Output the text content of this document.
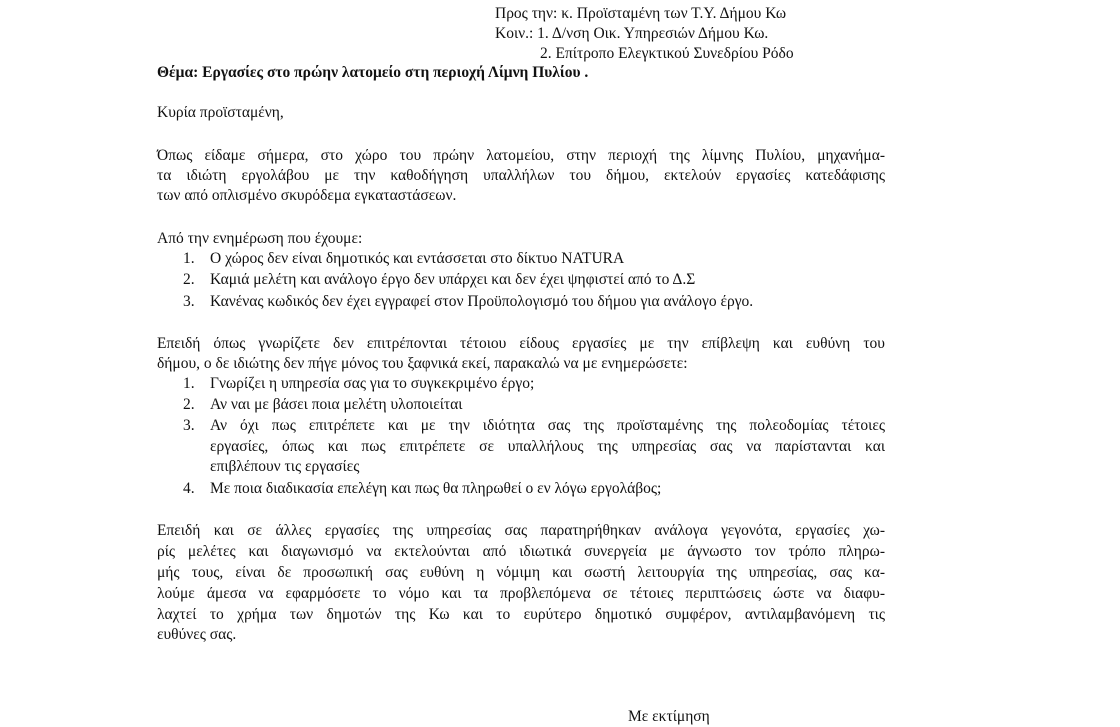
Προς την: κ. Προϊσταμένη των Τ.Υ. Δήμου Κω
Κοιν.: 1. Δ/νση Οικ. Υπηρεσιών Δήμου Κω.
2. Επίτροπο Ελεγκτικού Συνεδρίου Ρόδο
Θέμα: Εργασίες στο πρώην λατομείο στη περιοχή Λίμνη Πυλίου .
Κυρία προϊσταμένη,
Όπως είδαμε σήμερα, στο χώρο του πρώην λατομείου, στην περιοχή της λίμνης Πυλίου, μηχανήμα-
τα ιδιώτη εργολάβου με την καθοδήγηση υπαλλήλων του δήμου, εκτελούν εργασίες κατεδάφισης
των από οπλισμένο σκυρόδεμα εγκαταστάσεων.
Από την ενημέρωση που έχουμε:
1. Ο χώρος δεν είναι δημοτικός και εντάσσεται στο δίκτυο NATURA
2. Καμιά μελέτη και ανάλογο έργο δεν υπάρχει και δεν έχει ψηφιστεί από το Δ.Σ
3. Κανένας κωδικός δεν έχει εγγραφεί στον Προϋπολογισμό του δήμου για ανάλογο έργο.
Επειδή όπως γνωρίζετε δεν επιτρέπονται τέτοιου είδους εργασίες με την επίβλεψη και ευθύνη του
δήμου, ο δε ιδιώτης δεν πήγε μόνος του ξαφνικά εκεί, παρακαλώ να με ενημερώσετε:
1. Γνωρίζει η υπηρεσία σας για το συγκεκριμένο έργο;
2. Αν ναι με βάσει ποια μελέτη υλοποιείται
3. Αν όχι πως επιτρέπετε και με την ιδιότητα σας της προϊσταμένης της πολεοδομίας τέτοιες
εργασίες, όπως και πως επιτρέπετε σε υπαλλήλους της υπηρεσίας σας να παρίστανται και
επιβλέπουν τις εργασίες
4. Με ποια διαδικασία επελέγη και πως θα πληρωθεί ο εν λόγω εργολάβος;
Επειδή και σε άλλες εργασίες της υπηρεσίας σας παρατηρήθηκαν ανάλογα γεγονότα, εργασίες χω-
ρίς μελέτες και διαγωνισμό να εκτελούνται από ιδιωτικά συνεργεία με άγνωστο τον τρόπο πληρω-
μής τους, είναι δε προσωπική σας ευθύνη η νόμιμη και σωστή λειτουργία της υπηρεσίας, σας κα-
λούμε άμεσα να εφαρμόσετε το νόμο και τα προβλεπόμενα σε τέτοιες περιπτώσεις ώστε να διαφυ-
λαχτεί το χρήμα των δημοτών της Κω και το ευρύτερο δημοτικό συμφέρον, αντιλαμβανόμενη τις
ευθύνες σας.
Με εκτίμηση
